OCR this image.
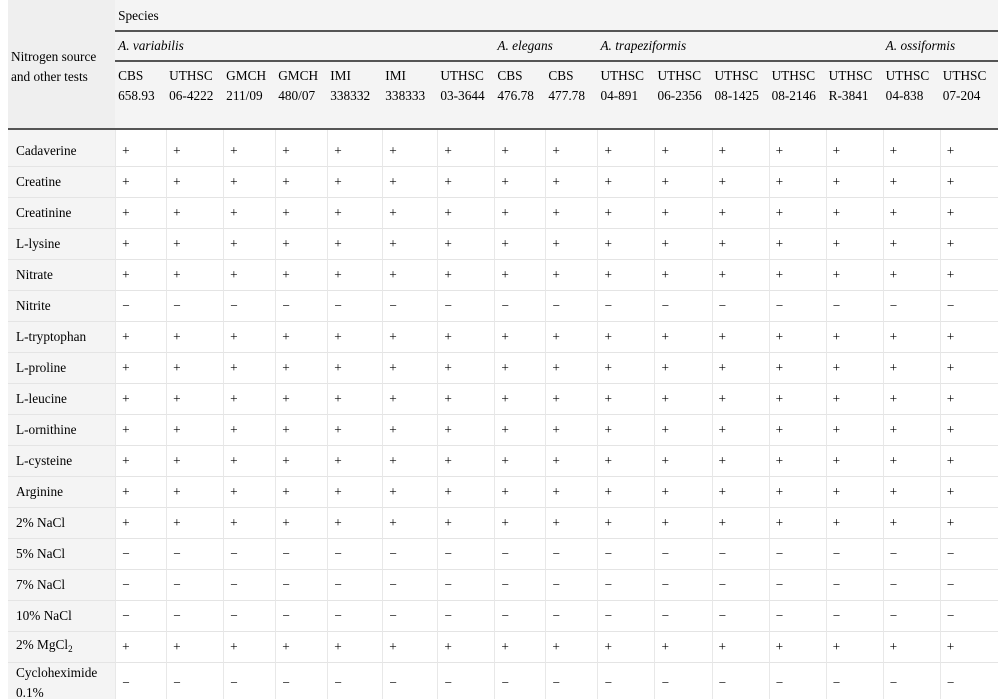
Nitrogen source and other tests	Species															
	A. variabilis							A. elegans		A. trapeziformis					A. ossiformis	
	CBS 658.93	UTHSC 06-4222	GMCH 211/09	GMCH 480/07	IMI 338332	IMI 338333	UTHSC 03-3644	CBS 476.78	CBS 477.78	UTHSC 04-891	UTHSC 06-2356	UTHSC 08-1425	UTHSC 08-2146	UTHSC R-3841	UTHSC 04-838	UTHSC 07-204
Cadaverine	+	+	+	+	+	+	+	+	+	+	+	+	+	+	+	+
Creatine	+	+	+	+	+	+	+	+	+	+	+	+	+	+	+	+
Creatinine	+	+	+	+	+	+	+	+	+	+	+	+	+	+	+	+
L-lysine	+	+	+	+	+	+	+	+	+	+	+	+	+	+	+	+
Nitrate	+	+	+	+	+	+	+	+	+	+	+	+	+	+	+	+
Nitrite	−	−	−	−	−	−	−	−	−	−	−	−	−	−	−	−
L-tryptophan	+	+	+	+	+	+	+	+	+	+	+	+	+	+	+	+
L-proline	+	+	+	+	+	+	+	+	+	+	+	+	+	+	+	+
L-leucine	+	+	+	+	+	+	+	+	+	+	+	+	+	+	+	+
L-ornithine	+	+	+	+	+	+	+	+	+	+	+	+	+	+	+	+
L-cysteine	+	+	+	+	+	+	+	+	+	+	+	+	+	+	+	+
Arginine	+	+	+	+	+	+	+	+	+	+	+	+	+	+	+	+
2% NaCl	+	+	+	+	+	+	+	+	+	+	+	+	+	+	+	+
5% NaCl	−	−	−	−	−	−	−	−	−	−	−	−	−	−	−	−
7% NaCl	−	−	−	−	−	−	−	−	−	−	−	−	−	−	−	−
10% NaCl	−	−	−	−	−	−	−	−	−	−	−	−	−	−	−	−
2% MgCl$_2$	+	+	+	+	+	+	+	+	+	+	+	+	+	+	+	+
Cycloheximide 0.1%	−	−	−	−	−	−	−	−	−	−	−	−	−	−	−	−
